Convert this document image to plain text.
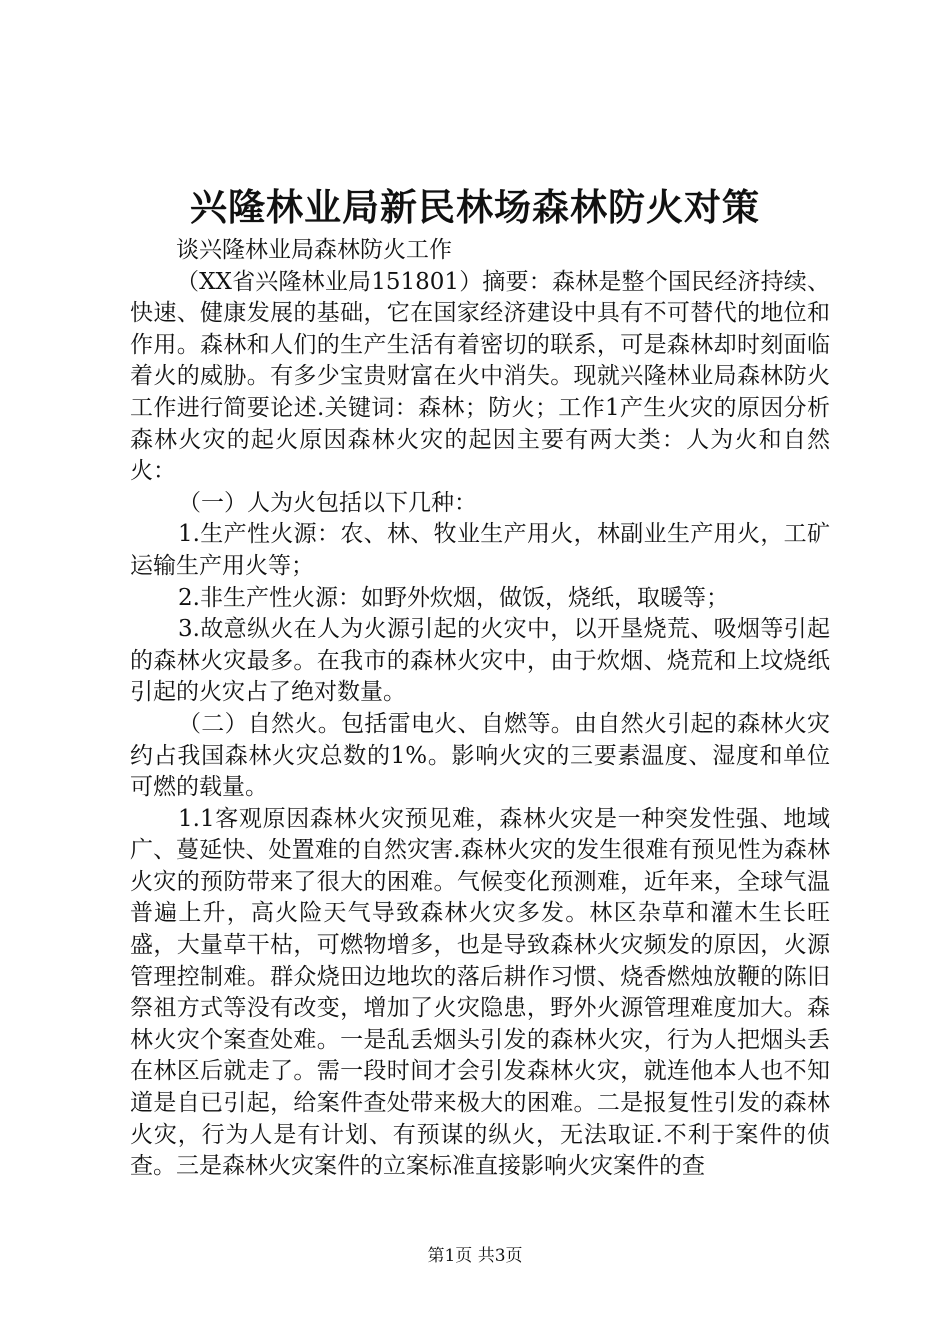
兴隆林业局新民林场森林防火对策

谈兴隆林业局森林防火工作

（XX省兴隆林业局151801）摘要：森林是整个国民经济持续、快速、健康发展的基础，它在国家经济建设中具有不可替代的地位和作用。森林和人们的生产生活有着密切的联系，可是森林却时刻面临着火的威胁。有多少宝贵财富在火中消失。现就兴隆林业局森林防火工作进行简要论述.关键词：森林；防火；工作1产生火灾的原因分析森林火灾的起火原因森林火灾的起因主要有两大类：人为火和自然火：

（一）人为火包括以下几种：

1.生产性火源：农、林、牧业生产用火，林副业生产用火，工矿运输生产用火等；

2.非生产性火源：如野外炊烟，做饭，烧纸，取暖等；

3.故意纵火在人为火源引起的火灾中，以开垦烧荒、吸烟等引起的森林火灾最多。在我市的森林火灾中，由于炊烟、烧荒和上坟烧纸引起的火灾占了绝对数量。

（二）自然火。包括雷电火、自燃等。由自然火引起的森林火灾约占我国森林火灾总数的1%。影响火灾的三要素温度、湿度和单位可燃的载量。

1.1客观原因森林火灾预见难，森林火灾是一种突发性强、地域广、蔓延快、处置难的自然灾害.森林火灾的发生很难有预见性为森林火灾的预防带来了很大的困难。气候变化预测难，近年来，全球气温普遍上升，高火险天气导致森林火灾多发。林区杂草和灌木生长旺盛，大量草干枯，可燃物增多，也是导致森林火灾频发的原因，火源管理控制难。群众烧田边地坎的落后耕作习惯、烧香燃烛放鞭的陈旧祭祖方式等没有改变，增加了火灾隐患，野外火源管理难度加大。森林火灾个案查处难。一是乱丢烟头引发的森林火灾，行为人把烟头丢在林区后就走了。需一段时间才会引发森林火灾，就连他本人也不知道是自已引起，给案件查处带来极大的困难。二是报复性引发的森林火灾，行为人是有计划、有预谋的纵火，无法取证.不利于案件的侦查。三是森林火灾案件的立案标准直接影响火灾案件的查

第1页 共3页
